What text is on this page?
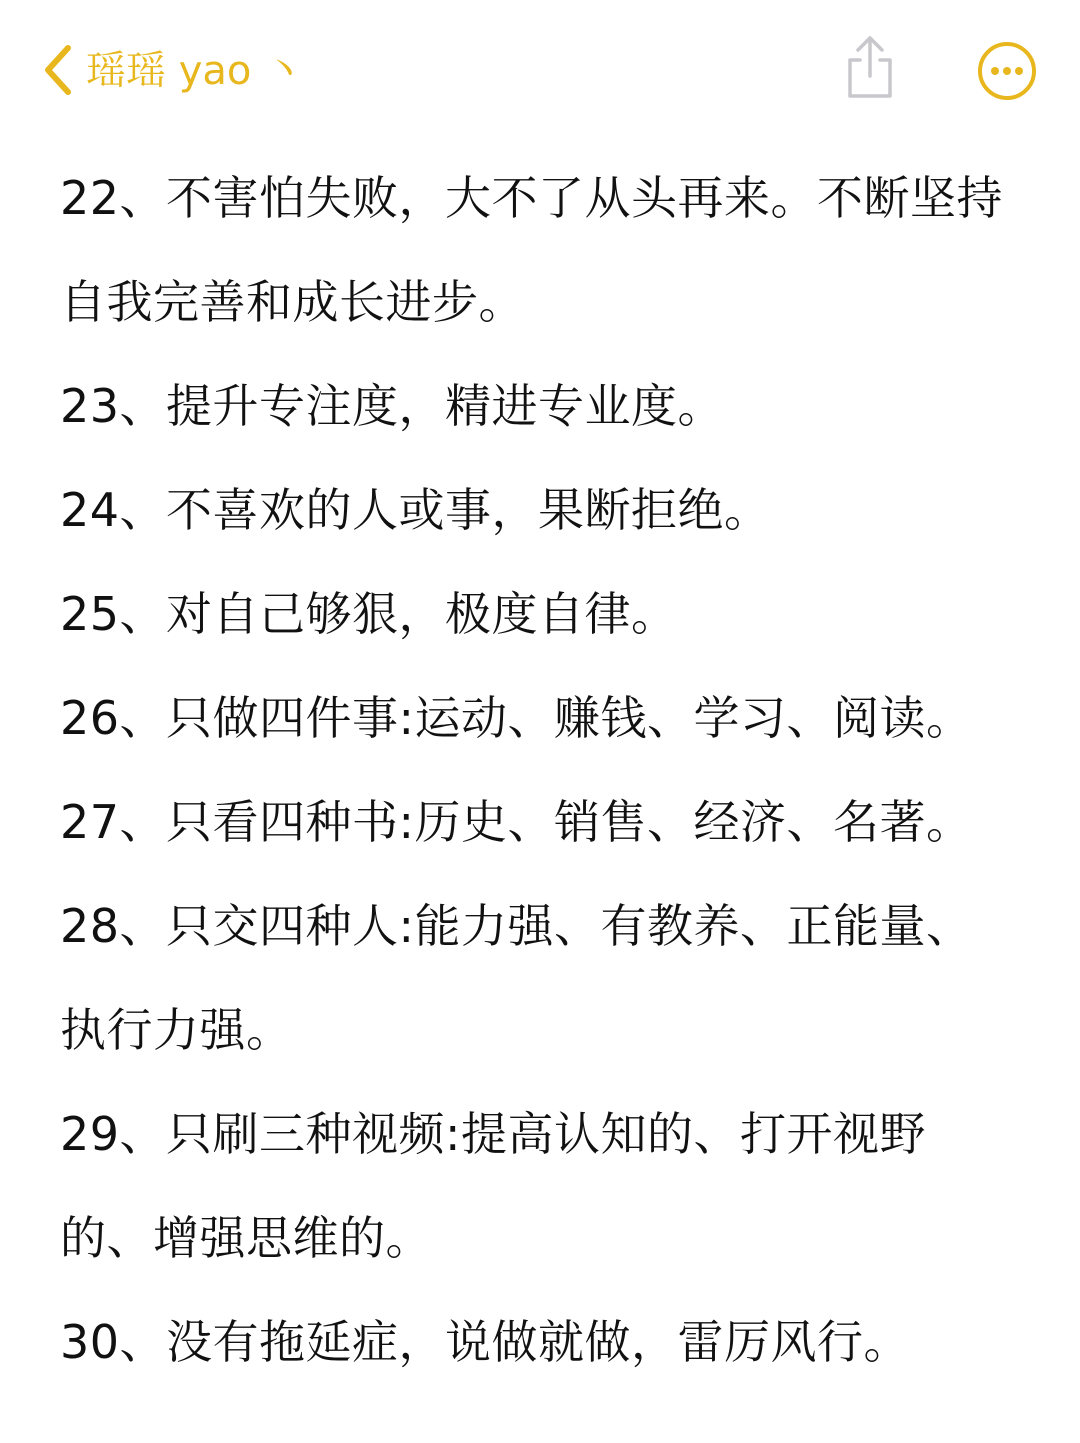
瑶瑶 yao 丶
22、不害怕失败，大不了从头再来。不断坚持
自我完善和成长进步。
23、提升专注度，精进专业度。
24、不喜欢的人或事，果断拒绝。
25、对自己够狠，极度自律。
26、只做四件事:运动、赚钱、学习、阅读。
27、只看四种书:历史、销售、经济、名著。
28、只交四种人:能力强、有教养、正能量、
执行力强。
29、只刷三种视频:提高认知的、打开视野
的、增强思维的。
30、没有拖延症，说做就做，雷厉风行。
